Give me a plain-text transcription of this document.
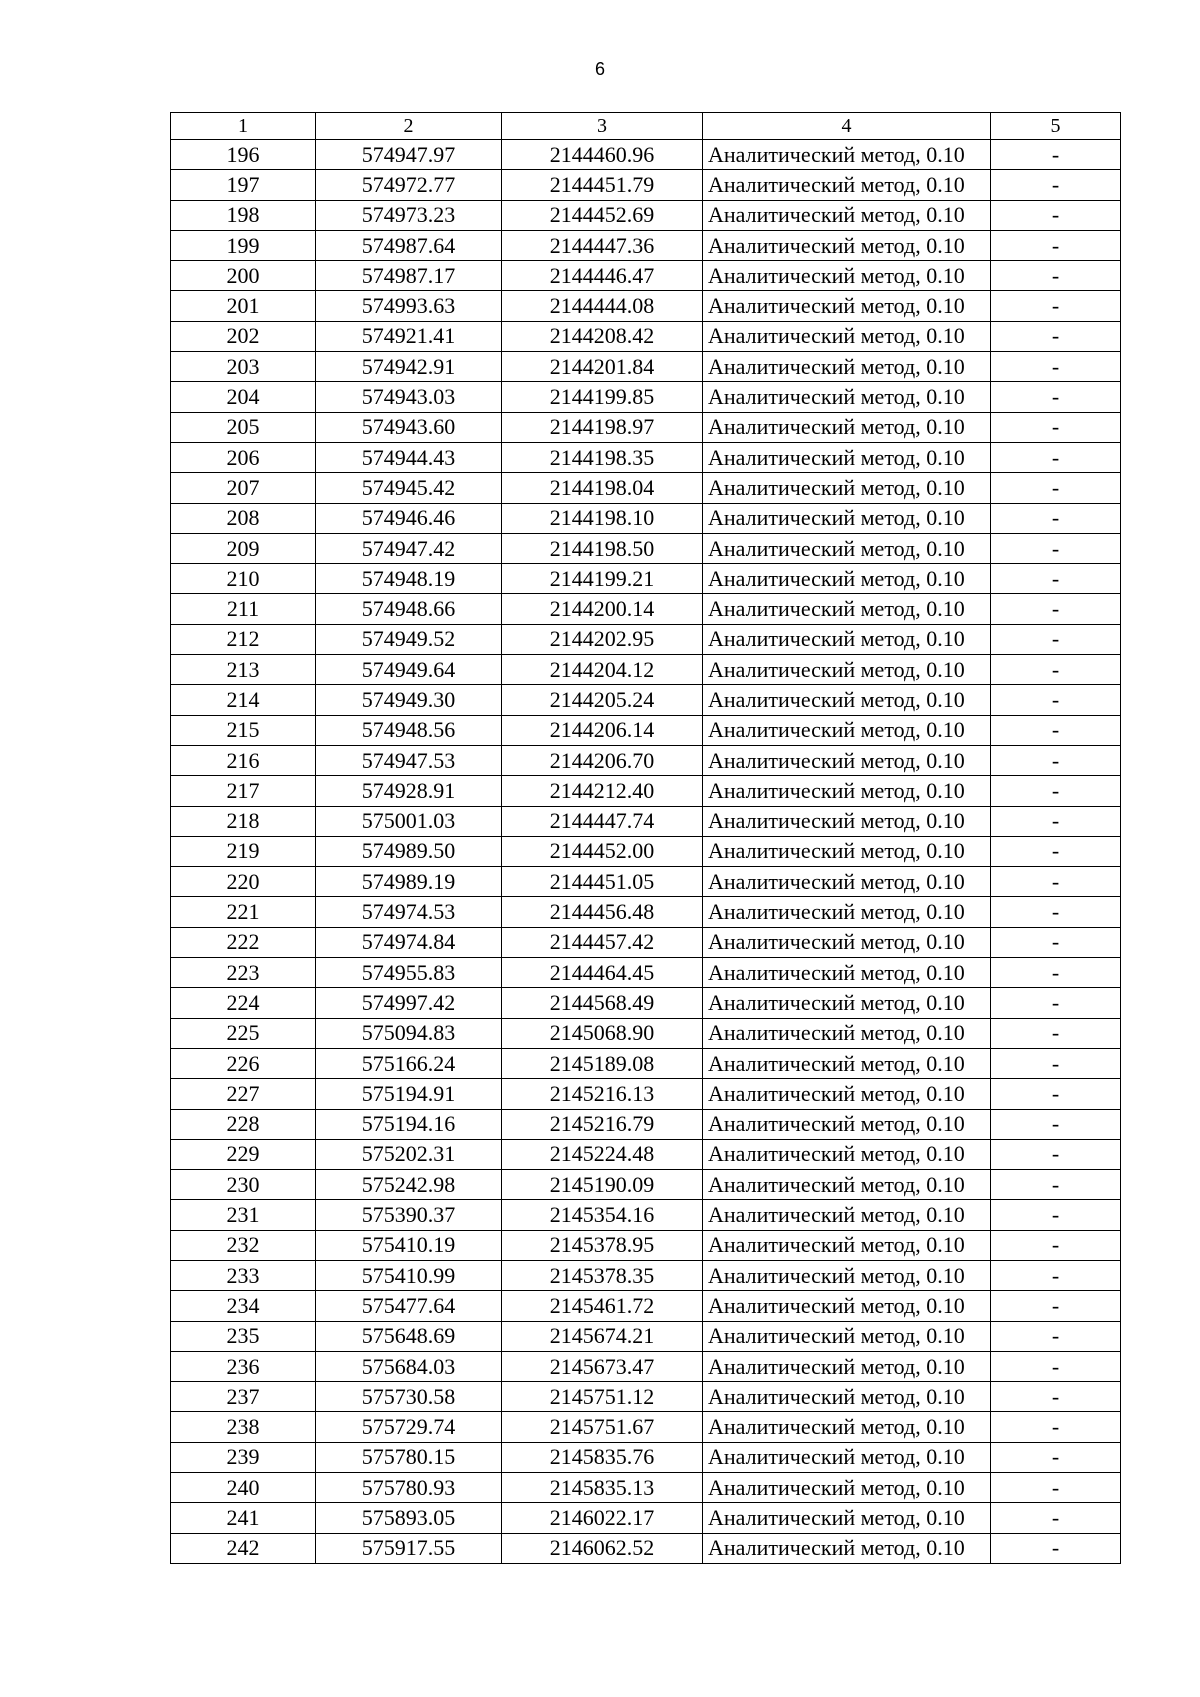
6
1	2	3	4	5
196	574947.97	2144460.96	Аналитический метод, 0.10	-
197	574972.77	2144451.79	Аналитический метод, 0.10	-
198	574973.23	2144452.69	Аналитический метод, 0.10	-
199	574987.64	2144447.36	Аналитический метод, 0.10	-
200	574987.17	2144446.47	Аналитический метод, 0.10	-
201	574993.63	2144444.08	Аналитический метод, 0.10	-
202	574921.41	2144208.42	Аналитический метод, 0.10	-
203	574942.91	2144201.84	Аналитический метод, 0.10	-
204	574943.03	2144199.85	Аналитический метод, 0.10	-
205	574943.60	2144198.97	Аналитический метод, 0.10	-
206	574944.43	2144198.35	Аналитический метод, 0.10	-
207	574945.42	2144198.04	Аналитический метод, 0.10	-
208	574946.46	2144198.10	Аналитический метод, 0.10	-
209	574947.42	2144198.50	Аналитический метод, 0.10	-
210	574948.19	2144199.21	Аналитический метод, 0.10	-
211	574948.66	2144200.14	Аналитический метод, 0.10	-
212	574949.52	2144202.95	Аналитический метод, 0.10	-
213	574949.64	2144204.12	Аналитический метод, 0.10	-
214	574949.30	2144205.24	Аналитический метод, 0.10	-
215	574948.56	2144206.14	Аналитический метод, 0.10	-
216	574947.53	2144206.70	Аналитический метод, 0.10	-
217	574928.91	2144212.40	Аналитический метод, 0.10	-
218	575001.03	2144447.74	Аналитический метод, 0.10	-
219	574989.50	2144452.00	Аналитический метод, 0.10	-
220	574989.19	2144451.05	Аналитический метод, 0.10	-
221	574974.53	2144456.48	Аналитический метод, 0.10	-
222	574974.84	2144457.42	Аналитический метод, 0.10	-
223	574955.83	2144464.45	Аналитический метод, 0.10	-
224	574997.42	2144568.49	Аналитический метод, 0.10	-
225	575094.83	2145068.90	Аналитический метод, 0.10	-
226	575166.24	2145189.08	Аналитический метод, 0.10	-
227	575194.91	2145216.13	Аналитический метод, 0.10	-
228	575194.16	2145216.79	Аналитический метод, 0.10	-
229	575202.31	2145224.48	Аналитический метод, 0.10	-
230	575242.98	2145190.09	Аналитический метод, 0.10	-
231	575390.37	2145354.16	Аналитический метод, 0.10	-
232	575410.19	2145378.95	Аналитический метод, 0.10	-
233	575410.99	2145378.35	Аналитический метод, 0.10	-
234	575477.64	2145461.72	Аналитический метод, 0.10	-
235	575648.69	2145674.21	Аналитический метод, 0.10	-
236	575684.03	2145673.47	Аналитический метод, 0.10	-
237	575730.58	2145751.12	Аналитический метод, 0.10	-
238	575729.74	2145751.67	Аналитический метод, 0.10	-
239	575780.15	2145835.76	Аналитический метод, 0.10	-
240	575780.93	2145835.13	Аналитический метод, 0.10	-
241	575893.05	2146022.17	Аналитический метод, 0.10	-
242	575917.55	2146062.52	Аналитический метод, 0.10	-
